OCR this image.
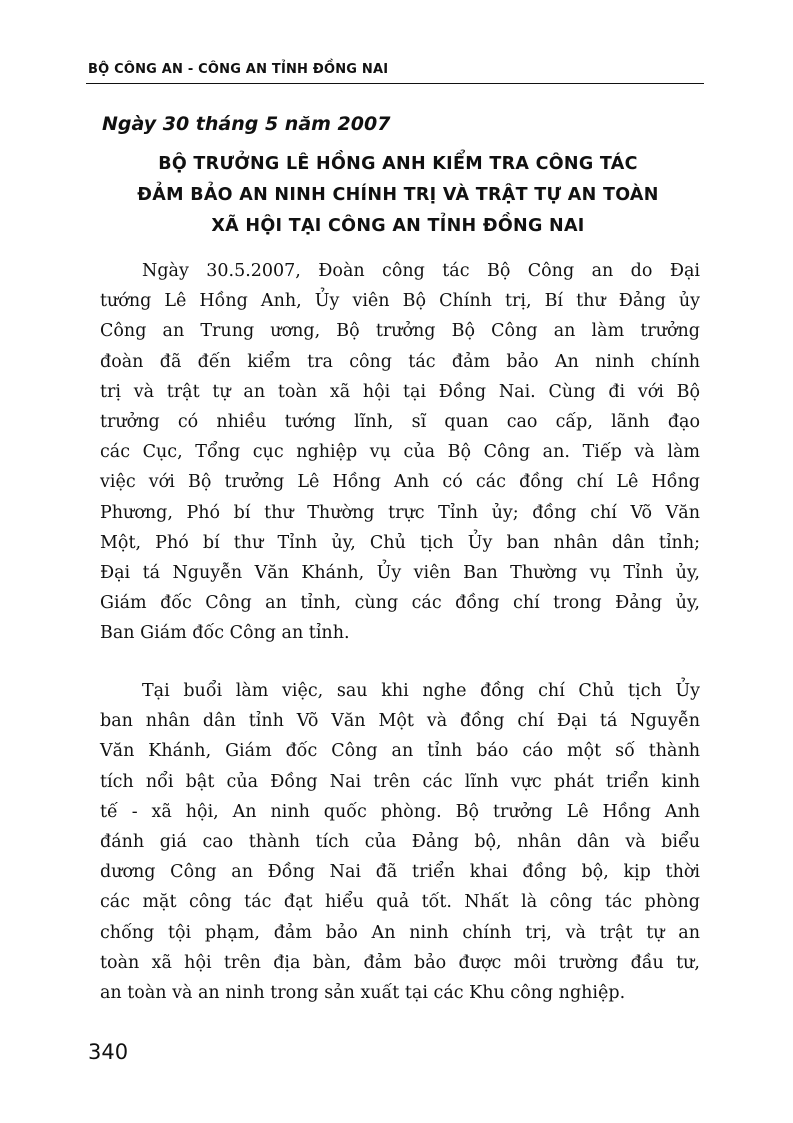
BỘ CÔNG AN - CÔNG AN TỈNH ĐỒNG NAI
Ngày 30 tháng 5 năm 2007
BỘ TRƯỞNG LÊ HỒNG ANH KIỂM TRA CÔNG TÁC
ĐẢM BẢO AN NINH CHÍNH TRỊ VÀ TRẬT TỰ AN TOÀN
XÃ HỘI TẠI CÔNG AN TỈNH ĐỒNG NAI
Ngày 30.5.2007, Đoàn công tác Bộ Công an do Đại
tướng Lê Hồng Anh, Ủy viên Bộ Chính trị, Bí thư Đảng ủy
Công an Trung ương, Bộ trưởng Bộ Công an làm trưởng
đoàn đã đến kiểm tra công tác đảm bảo An ninh chính
trị và trật tự an toàn xã hội tại Đồng Nai. Cùng đi với Bộ
trưởng có nhiều tướng lĩnh, sĩ quan cao cấp, lãnh đạo
các Cục, Tổng cục nghiệp vụ của Bộ Công an. Tiếp và làm
việc với Bộ trưởng Lê Hồng Anh có các đồng chí Lê Hồng
Phương, Phó bí thư Thường trực Tỉnh ủy; đồng chí Võ Văn
Một, Phó bí thư Tỉnh ủy, Chủ tịch Ủy ban nhân dân tỉnh;
Đại tá Nguyễn Văn Khánh, Ủy viên Ban Thường vụ Tỉnh ủy,
Giám đốc Công an tỉnh, cùng các đồng chí trong Đảng ủy,
Ban Giám đốc Công an tỉnh.
Tại buổi làm việc, sau khi nghe đồng chí Chủ tịch Ủy
ban nhân dân tỉnh Võ Văn Một và đồng chí Đại tá Nguyễn
Văn Khánh, Giám đốc Công an tỉnh báo cáo một số thành
tích nổi bật của Đồng Nai trên các lĩnh vực phát triển kinh
tế - xã hội, An ninh quốc phòng. Bộ trưởng Lê Hồng Anh
đánh giá cao thành tích của Đảng bộ, nhân dân và biểu
dương Công an Đồng Nai đã triển khai đồng bộ, kịp thời
các mặt công tác đạt hiểu quả tốt. Nhất là công tác phòng
chống tội phạm, đảm bảo An ninh chính trị, và trật tự an
toàn xã hội trên địa bàn, đảm bảo được môi trường đầu tư,
an toàn và an ninh trong sản xuất tại các Khu công nghiệp.
340
